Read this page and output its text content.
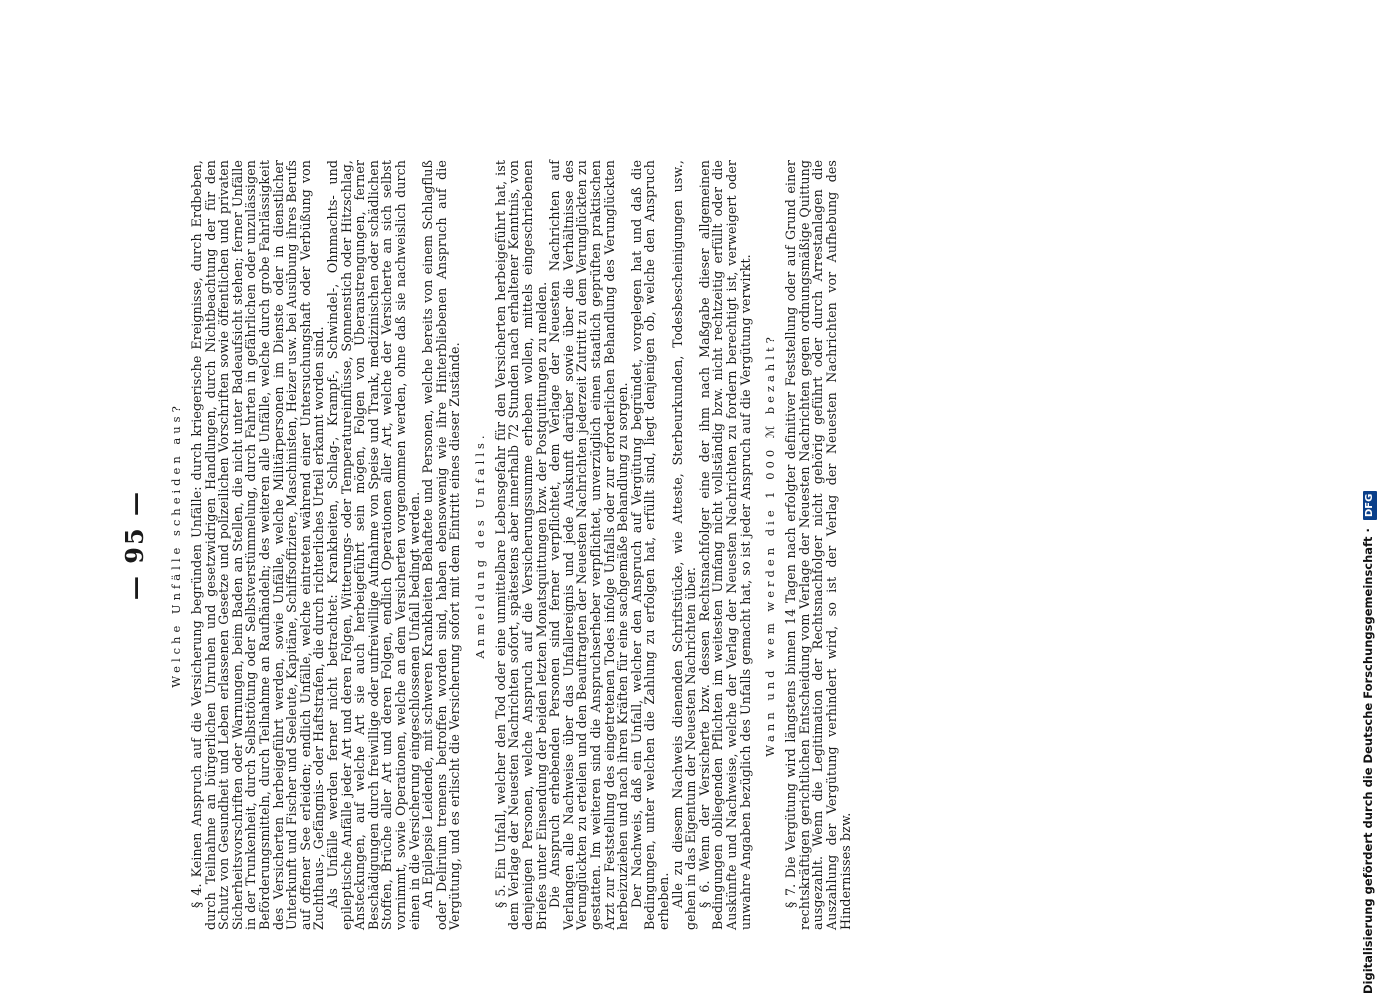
— 95 — Welche Unfälle scheiden aus? § 4. Keinen Anspruch auf die Versicherung begründen Unfälle: durch kriegerische Ereignisse, durch Erdbeben, durch Teilnahme an bürgerlichen Unruhen und gesetzwidrigen Handlungen, durch Nichtbeachtung der für den Schutz von Gesundheit und Leben erlassenen Gesetze und polizeilichen Vorschriften sowie öffentlichen und privaten Sicherheitsvorschriften oder Warnungen, beim Baden an Stellen, die nicht unter Badeaufsicht stehen; ferner Unfälle in der Trunkenheit, durch Selbsttötung oder Selbstverstümmelung, durch Fahrten in gefährlichen oder unzulässigen Beförderungsmitteln, durch Teilnahme an Raufhändeln; des weiteren alle Unfälle, welche durch grobe Fahrlässigkeit des Versicherten herbeigeführt werden, sowie Unfälle, welche Militärpersonen im Dienste oder in dienstlicher Unterkunft und Fischer und Seeleute, Kapitäne, Schiffsoffiziere, Maschinisten, Heizer usw. bei Ausübung ihres Berufs auf offener See erleiden; endlich Unfälle, welche eintreten während einer Untersuchungshaft oder Verbüßung von Zuchthaus-, Gefängnis- oder Haftstrafen, die durch richterliches Urteil erkannt worden sind.

Als Unfälle werden ferner nicht betrachtet: Krankheiten, Schlag-, Krampf-, Schwindel-, Ohnmachts- und epileptische Anfälle jeder Art und deren Folgen, Witterungs- oder Temperatureinflüsse, Sonnenstich oder Hitzschlag, Ansteckungen, auf welche Art sie auch herbeigeführt sein mögen, Folgen von Überanstrengungen, ferner Beschädigungen durch freiwillige oder unfreiwillige Aufnahme von Speise und Trank, medizinischen oder schädlichen Stoffen, Brüche aller Art und deren Folgen, endlich Operationen aller Art, welche der Versicherte an sich selbst vornimmt, sowie Operationen, welche an dem Versicherten vorgenommen werden, ohne daß sie nachweislich durch einen in die Versicherung eingeschlossenen Unfall bedingt werden.

An Epilepsie Leidende, mit schweren Krankheiten Behaftete und Personen, welche bereits von einem Schlagfluß oder Delirium tremens betroffen worden sind, haben ebensowenig wie ihre Hinterbliebenen Anspruch auf die Vergütung, und es erlischt die Versicherung sofort mit dem Eintritt eines dieser Zustände. Anmeldung des Unfalls. § 5. Ein Unfall, welcher den Tod oder eine unmittelbare Lebensgefahr für den Versicherten herbeigeführt hat, ist dem Verlage der Neuesten Nachrichten sofort, spätestens aber innerhalb 72 Stunden nach erhaltener Kenntnis, von denjenigen Personen, welche Anspruch auf die Versicherungssumme erheben wollen, mittels eingeschriebenen Briefes unter Einsendung der beiden letzten Monatsquittungen bzw. der Postquittungen zu melden.

Die Anspruch erhebenden Personen sind ferner verpflichtet, dem Verlage der Neuesten Nachrichten auf Verlangen alle Nachweise über das Unfallereignis und jede Auskunft darüber sowie über die Verhältnisse des Verunglückten zu erteilen und den Beauftragten der Neuesten Nachrichten jederzeit Zutritt zu dem Verunglückten zu gestatten. Im weiteren sind die Anspruchserheber verpflichtet, unverzüglich einen staatlich geprüften praktischen Arzt zur Feststellung des eingetretenen Todes infolge Unfalls oder zur erforderlichen Behandlung des Verunglückten herbeizuziehen und nach ihren Kräften für eine sachgemäße Behandlung zu sorgen.

Der Nachweis, daß ein Unfall, welcher den Anspruch auf Vergütung begründet, vorgelegen hat und daß die Bedingungen, unter welchen die Zahlung zu erfolgen hat, erfüllt sind, liegt denjenigen ob, welche den Anspruch erheben.

Alle zu diesem Nachweis dienenden Schriftstücke, wie Atteste, Sterbeurkunden, Todesbescheinigungen usw., gehen in das Eigentum der Neuesten Nachrichten über.

§ 6. Wenn der Versicherte bzw. dessen Rechtsnachfolger eine der ihm nach Maßgabe dieser allgemeinen Bedingungen obliegenden Pflichten im weitesten Umfang nicht vollständig bzw. nicht rechtzeitig erfüllt oder die Auskünfte und Nachweise, welche der Verlag der Neuesten Nachrichten zu fordern berechtigt ist, verweigert oder unwahre Angaben bezüglich des Unfalls gemacht hat, so ist jeder Anspruch auf die Vergütung verwirkt. Wann und wem werden die 1 000 ℳ bezahlt? § 7. Die Vergütung wird längstens binnen 14 Tagen nach erfolgter definitiver Feststellung oder auf Grund einer rechtskräftigen gerichtlichen Entscheidung vom Verlage der Neuesten Nachrichten gegen ordnungsmäßige Quittung ausgezahlt. Wenn die Legitimation der Rechtsnachfolger nicht gehörig geführt oder durch Arrestanlagen die Auszahlung der Vergütung verhindert wird, so ist der Verlag der Neuesten Nachrichten vor Aufhebung des Hindernisses bzw.	Digitalisierung gefördert durch die Deutsche Forschungsgemeinschaft · DFG
